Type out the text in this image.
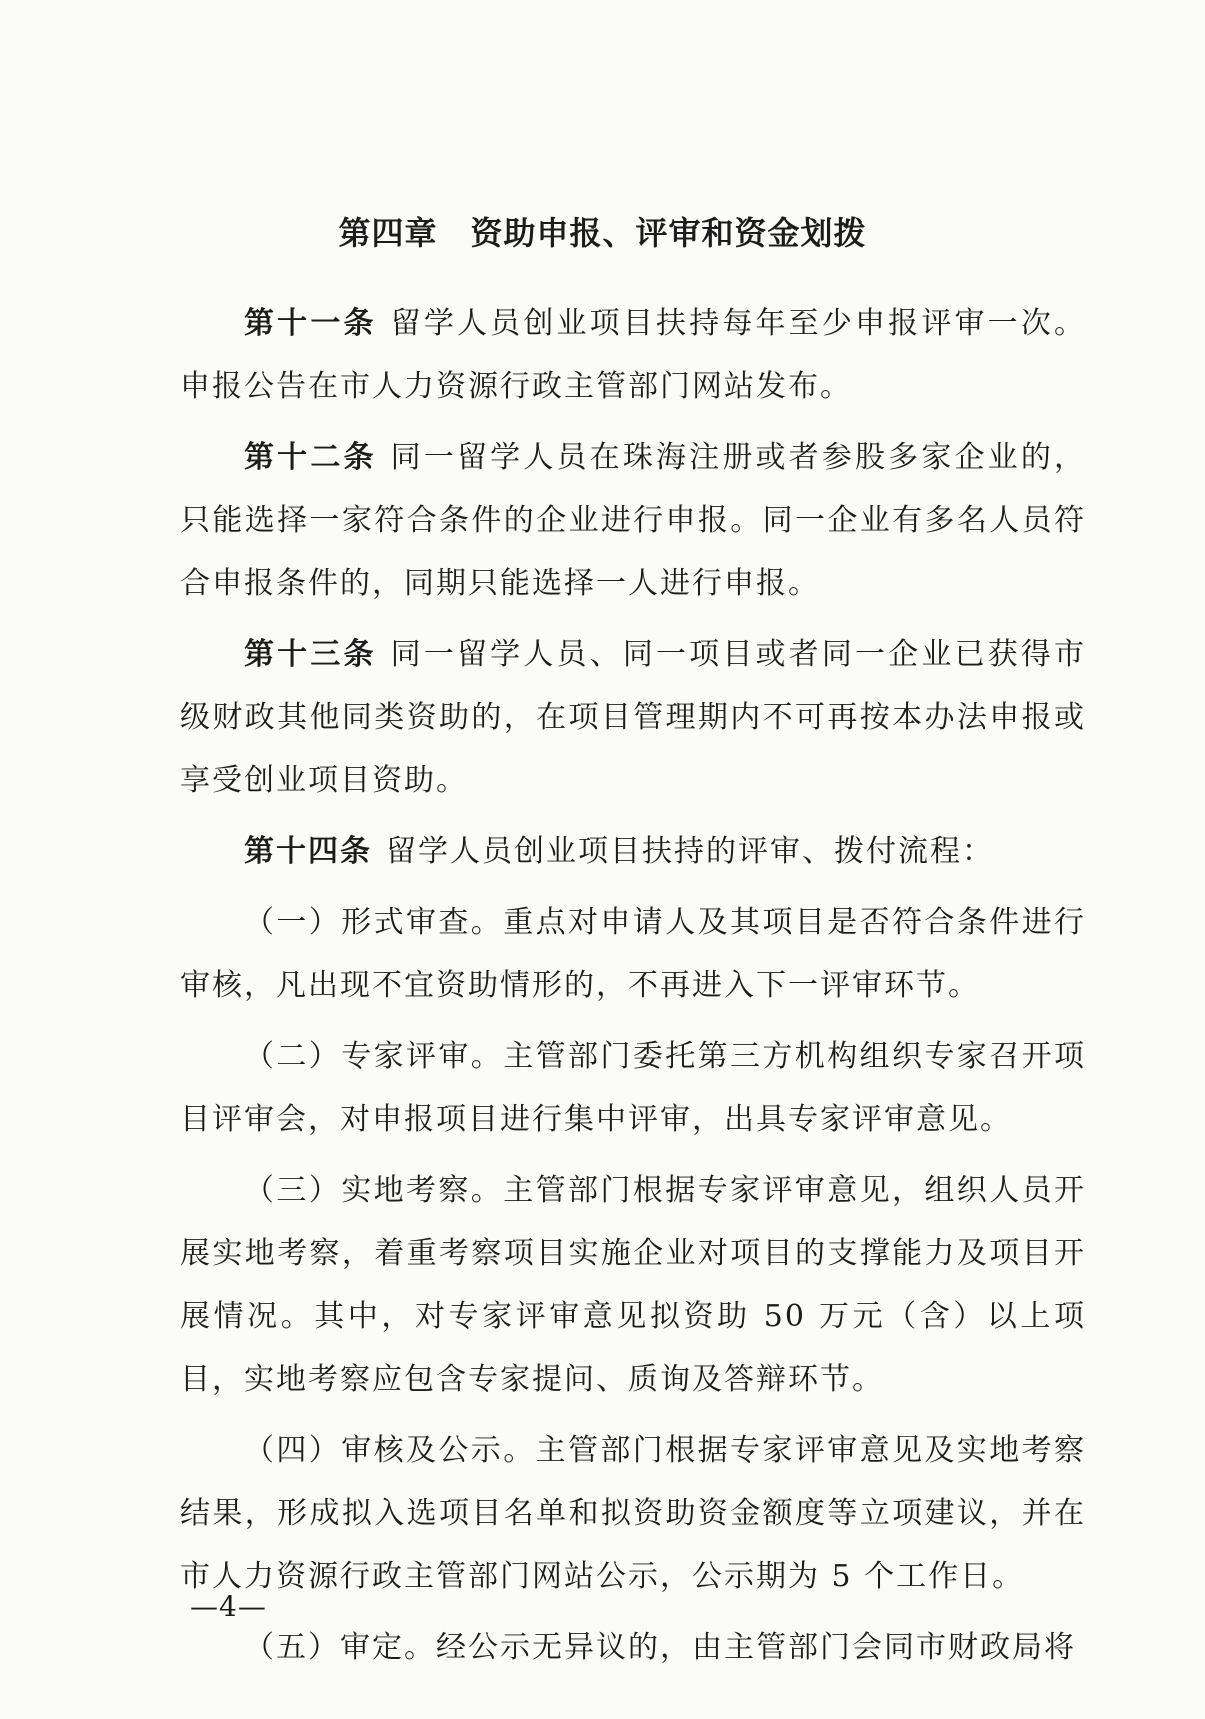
第四章　资助申报、评审和资金划拨

第十一条 留学人员创业项目扶持每年至少申报评审一次。申报公告在市人力资源行政主管部门网站发布。

第十二条 同一留学人员在珠海注册或者参股多家企业的，只能选择一家符合条件的企业进行申报。同一企业有多名人员符合申报条件的，同期只能选择一人进行申报。

第十三条 同一留学人员、同一项目或者同一企业已获得市级财政其他同类资助的，在项目管理期内不可再按本办法申报或享受创业项目资助。

第十四条 留学人员创业项目扶持的评审、拨付流程：

（一）形式审查。重点对申请人及其项目是否符合条件进行审核，凡出现不宜资助情形的，不再进入下一评审环节。

（二）专家评审。主管部门委托第三方机构组织专家召开项目评审会，对申报项目进行集中评审，出具专家评审意见。

（三）实地考察。主管部门根据专家评审意见，组织人员开展实地考察，着重考察项目实施企业对项目的支撑能力及项目开展情况。其中，对专家评审意见拟资助 50 万元（含）以上项目，实地考察应包含专家提问、质询及答辩环节。

（四）审核及公示。主管部门根据专家评审意见及实地考察结果，形成拟入选项目名单和拟资助资金额度等立项建议，并在市人力资源行政主管部门网站公示，公示期为 5 个工作日。

（五）审定。经公示无异议的，由主管部门会同市财政局将

—4—
